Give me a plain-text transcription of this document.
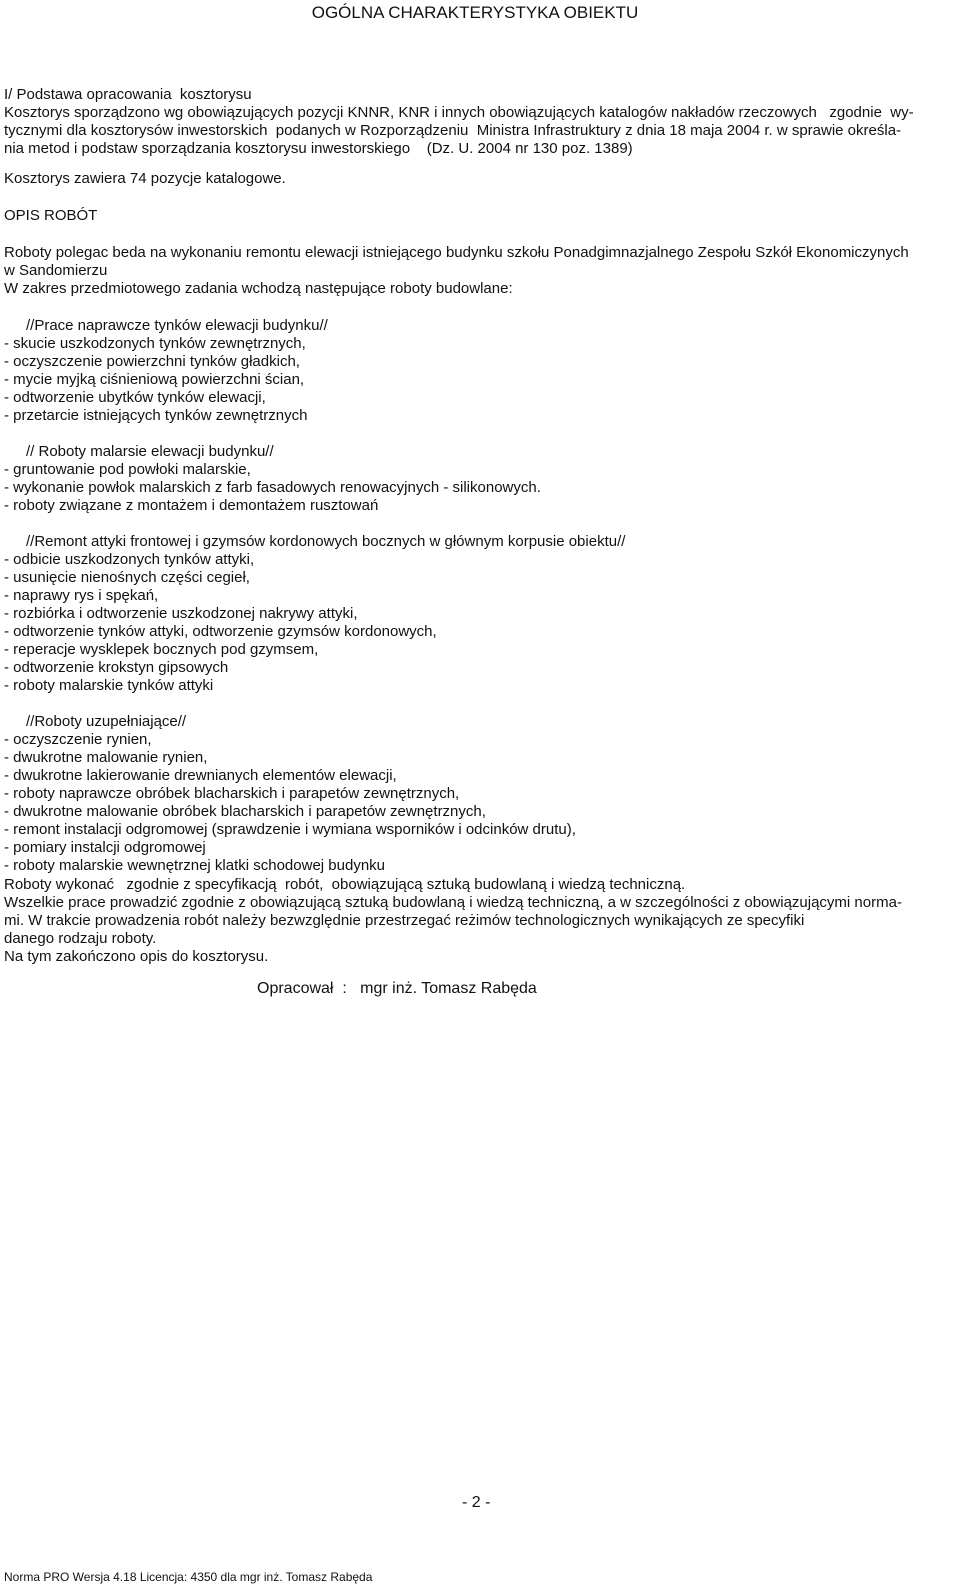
OGÓLNA CHARAKTERYSTYKA OBIEKTU
I/ Podstawa opracowania  kosztorysu
Kosztorys sporządzono wg obowiązujących pozycji KNNR, KNR i innych obowiązujących katalogów nakładów rzeczowych   zgodnie  wy-
tycznymi dla kosztorysów inwestorskich  podanych w Rozporządzeniu  Ministra Infrastruktury z dnia 18 maja 2004 r. w sprawie określa-
nia metod i podstaw sporządzania kosztorysu inwestorskiego    (Dz. U. 2004 nr 130 poz. 1389)
Kosztorys zawiera 74 pozycje katalogowe.
OPIS ROBÓT
Roboty polegac beda na wykonaniu remontu elewacji istniejącego budynku szkołu Ponadgimnazjalnego Zespołu Szkół Ekonomiczynych
w Sandomierzu
W zakres przedmiotowego zadania wchodzą następujące roboty budowlane:
//Prace naprawcze tynków elewacji budynku//
- skucie uszkodzonych tynków zewnętrznych,
- oczyszczenie powierzchni tynków gładkich,
- mycie myjką ciśnieniową powierzchni ścian,
- odtworzenie ubytków tynków elewacji,
- przetarcie istniejących tynków zewnętrznych
// Roboty malarsie elewacji budynku//
- gruntowanie pod powłoki malarskie,
- wykonanie powłok malarskich z farb fasadowych renowacyjnych - silikonowych.
- roboty związane z montażem i demontażem rusztowań
//Remont attyki frontowej i gzymsów kordonowych bocznych w głównym korpusie obiektu//
- odbicie uszkodzonych tynków attyki,
- usunięcie nienośnych części cegieł,
- naprawy rys i spękań,
- rozbiórka i odtworzenie uszkodzonej nakrywy attyki,
- odtworzenie tynków attyki, odtworzenie gzymsów kordonowych,
- reperacje wysklepek bocznych pod gzymsem,
- odtworzenie krokstyn gipsowych
- roboty malarskie tynków attyki
//Roboty uzupełniające//
- oczyszczenie rynien,
- dwukrotne malowanie rynien,
- dwukrotne lakierowanie drewnianych elementów elewacji,
- roboty naprawcze obróbek blacharskich i parapetów zewnętrznych,
- dwukrotne malowanie obróbek blacharskich i parapetów zewnętrznych,
- remont instalacji odgromowej (sprawdzenie i wymiana wsporników i odcinków drutu),
- pomiary instalcji odgromowej
- roboty malarskie wewnętrznej klatki schodowej budynku
Roboty wykonać   zgodnie z specyfikacją  robót,  obowiązującą sztuką budowlaną i wiedzą techniczną.
Wszelkie prace prowadzić zgodnie z obowiązującą sztuką budowlaną i wiedzą techniczną, a w szczególności z obowiązującymi norma-
mi. W trakcie prowadzenia robót należy bezwzględnie przestrzegać reżimów technologicznych wynikających ze specyfiki
danego rodzaju roboty.
Na tym zakończono opis do kosztorysu.
Opracował  :   mgr inż. Tomasz Rabęda
- 2 -
Norma PRO Wersja 4.18 Licencja: 4350 dla mgr inż. Tomasz Rabęda
